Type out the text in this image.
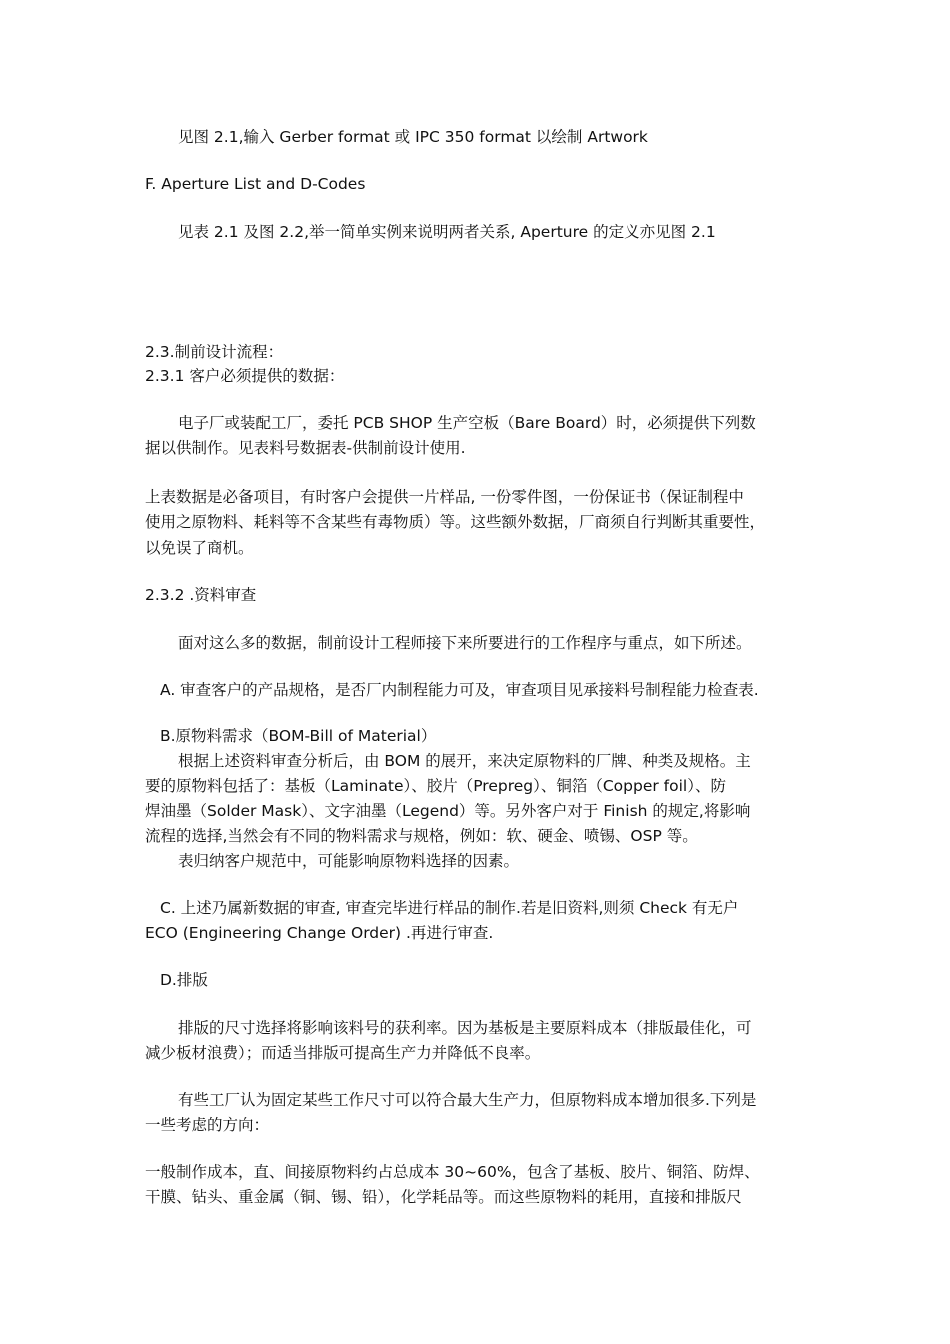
见图 2.1,输入 Gerber format 或 IPC 350 format 以绘制 Artwork
F. Aperture List and D-Codes
见表 2.1 及图 2.2,举一简单实例来说明两者关系, Aperture 的定义亦见图 2.1
2.3.制前设计流程：
2.3.1 客户必须提供的数据：
电子厂或装配工厂，委托 PCB SHOP 生产空板（Bare Board）时，必须提供下列数
据以供制作。见表料号数据表-供制前设计使用.
上表数据是必备项目，有时客户会提供一片样品, 一份零件图，一份保证书（保证制程中
使用之原物料、耗料等不含某些有毒物质）等。这些额外数据，厂商须自行判断其重要性，
以免误了商机。
2.3.2 .资料审查
面对这么多的数据，制前设计工程师接下来所要进行的工作程序与重点，如下所述。
A. 审查客户的产品规格，是否厂内制程能力可及，审查项目见承接料号制程能力检查表.
B.原物料需求（BOM-Bill of Material）
根据上述资料审查分析后，由 BOM 的展开，来决定原物料的厂牌、种类及规格。主
要的原物料包括了：基板（Laminate）、胶片（Prepreg）、铜箔（Copper foil）、防
焊油墨（Solder Mask）、文字油墨（Legend）等。另外客户对于 Finish 的规定,将影响
流程的选择,当然会有不同的物料需求与规格，例如：软、硬金、喷锡、OSP 等。
表归纳客户规范中，可能影响原物料选择的因素。
C. 上述乃属新数据的审查, 审查完毕进行样品的制作.若是旧资料,则须 Check 有无户
ECO (Engineering Change Order) .再进行审查.
D.排版
排版的尺寸选择将影响该料号的获利率。因为基板是主要原料成本（排版最佳化，可
减少板材浪费）；而适当排版可提高生产力并降低不良率。
有些工厂认为固定某些工作尺寸可以符合最大生产力，但原物料成本增加很多.下列是
一些考虑的方向：
一般制作成本，直、间接原物料约占总成本 30~60%，包含了基板、胶片、铜箔、防焊、
干膜、钻头、重金属（铜、锡、铅），化学耗品等。而这些原物料的耗用，直接和排版尺
